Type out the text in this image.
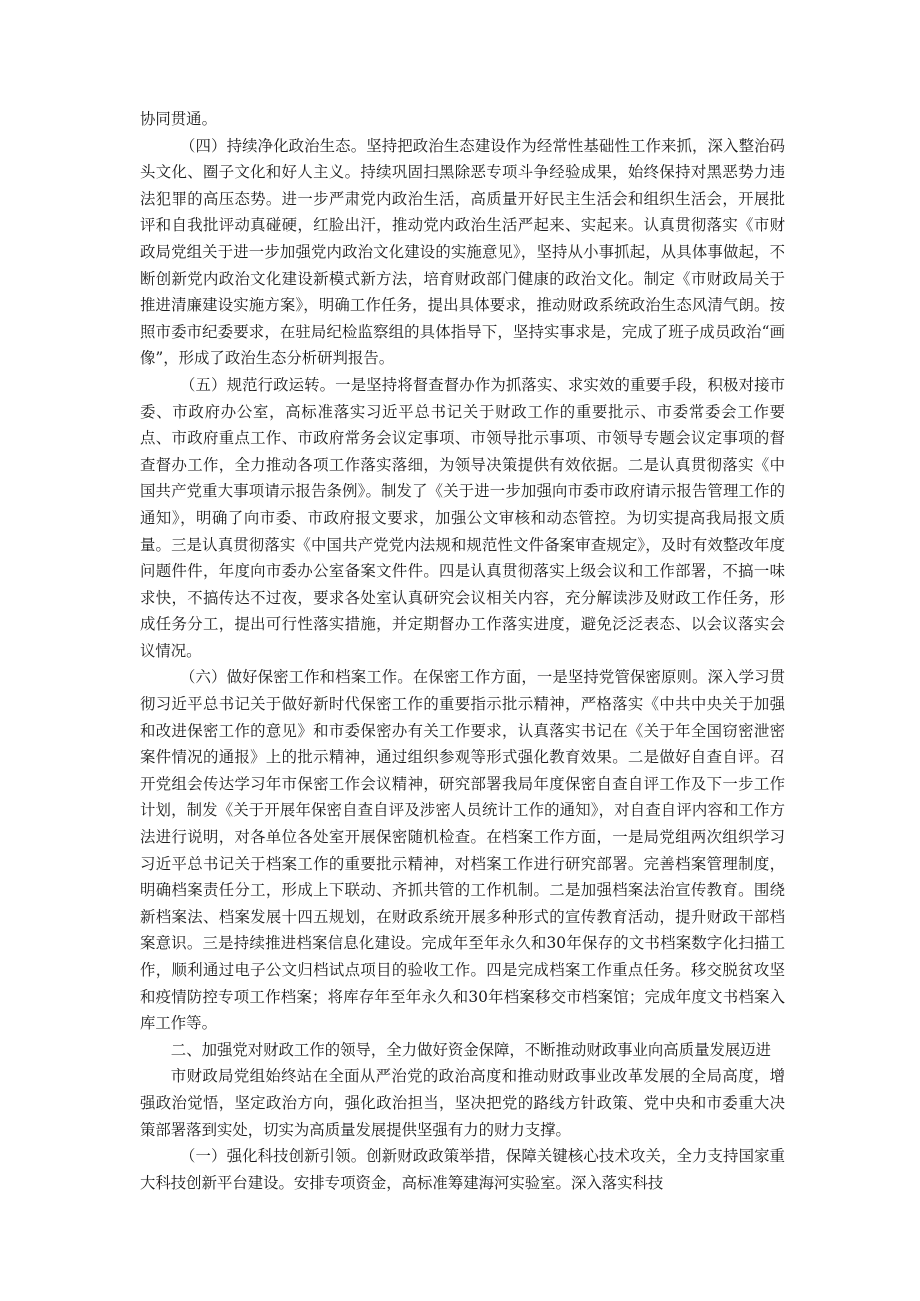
协同贯通。

（四）持续净化政治生态。坚持把政治生态建设作为经常性基础性工作来抓，深入整治码头文化、圈子文化和好人主义。持续巩固扫黑除恶专项斗争经验成果，始终保持对黑恶势力违法犯罪的高压态势。进一步严肃党内政治生活，高质量开好民主生活会和组织生活会，开展批评和自我批评动真碰硬，红脸出汗，推动党内政治生活严起来、实起来。认真贯彻落实《市财政局党组关于进一步加强党内政治文化建设的实施意见》，坚持从小事抓起，从具体事做起，不断创新党内政治文化建设新模式新方法，培育财政部门健康的政治文化。制定《市财政局关于推进清廉建设实施方案》，明确工作任务，提出具体要求，推动财政系统政治生态风清气朗。按照市委市纪委要求，在驻局纪检监察组的具体指导下，坚持实事求是，完成了班子成员政治“画像”，形成了政治生态分析研判报告。

（五）规范行政运转。一是坚持将督查督办作为抓落实、求实效的重要手段，积极对接市委、市政府办公室，高标准落实习近平总书记关于财政工作的重要批示、市委常委会工作要点、市政府重点工作、市政府常务会议定事项、市领导批示事项、市领导专题会议定事项的督查督办工作，全力推动各项工作落实落细，为领导决策提供有效依据。二是认真贯彻落实《中国共产党重大事项请示报告条例》。制发了《关于进一步加强向市委市政府请示报告管理工作的通知》，明确了向市委、市政府报文要求，加强公文审核和动态管控。为切实提高我局报文质量。三是认真贯彻落实《中国共产党党内法规和规范性文件备案审查规定》，及时有效整改年度问题件件，年度向市委办公室备案文件件。四是认真贯彻落实上级会议和工作部署，不搞一味求快，不搞传达不过夜，要求各处室认真研究会议相关内容，充分解读涉及财政工作任务，形成任务分工，提出可行性落实措施，并定期督办工作落实进度，避免泛泛表态、以会议落实会议情况。

（六）做好保密工作和档案工作。在保密工作方面，一是坚持党管保密原则。深入学习贯彻习近平总书记关于做好新时代保密工作的重要指示批示精神，严格落实《中共中央关于加强和改进保密工作的意见》和市委保密办有关工作要求，认真落实书记在《关于年全国窃密泄密案件情况的通报》上的批示精神，通过组织参观等形式强化教育效果。二是做好自查自评。召开党组会传达学习年市保密工作会议精神，研究部署我局年度保密自查自评工作及下一步工作计划，制发《关于开展年保密自查自评及涉密人员统计工作的通知》，对自查自评内容和工作方法进行说明，对各单位各处室开展保密随机检查。在档案工作方面，一是局党组两次组织学习习近平总书记关于档案工作的重要批示精神，对档案工作进行研究部署。完善档案管理制度，明确档案责任分工，形成上下联动、齐抓共管的工作机制。二是加强档案法治宣传教育。围绕新档案法、档案发展十四五规划，在财政系统开展多种形式的宣传教育活动，提升财政干部档案意识。三是持续推进档案信息化建设。完成年至年永久和30年保存的文书档案数字化扫描工作，顺利通过电子公文归档试点项目的验收工作。四是完成档案工作重点任务。移交脱贫攻坚和疫情防控专项工作档案；将库存年至年永久和30年档案移交市档案馆；完成年度文书档案入库工作等。

二、加强党对财政工作的领导，全力做好资金保障，不断推动财政事业向高质量发展迈进

市财政局党组始终站在全面从严治党的政治高度和推动财政事业改革发展的全局高度，增强政治觉悟，坚定政治方向，强化政治担当，坚决把党的路线方针政策、党中央和市委重大决策部署落到实处，切实为高质量发展提供坚强有力的财力支撑。

（一）强化科技创新引领。创新财政政策举措，保障关键核心技术攻关，全力支持国家重大科技创新平台建设。安排专项资金，高标准筹建海河实验室。深入落实科技
